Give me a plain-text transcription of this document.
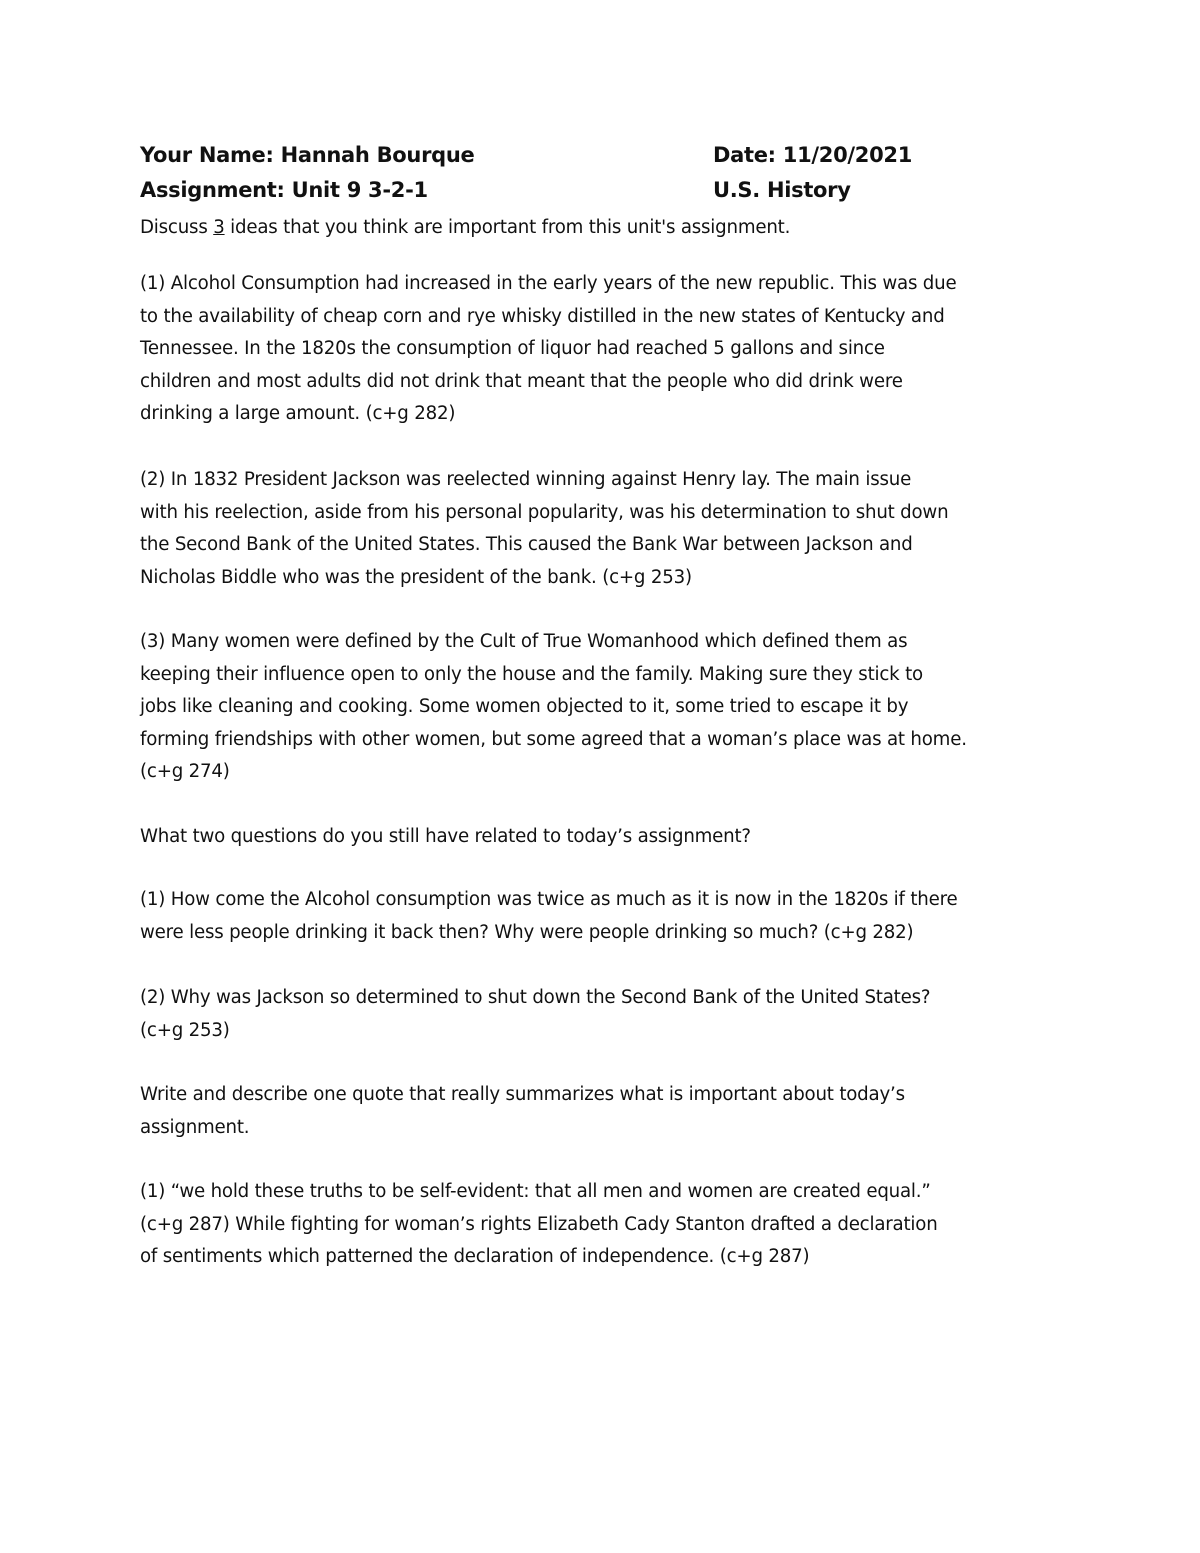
Your Name: Hannah Bourque	Date: 11/20/2021
Assignment: Unit 9 3-2-1	U.S. History
Discuss 3 ideas that you think are important from this unit's assignment.
(1) Alcohol Consumption had increased in the early years of the new republic. This was due
to the availability of cheap corn and rye whisky distilled in the new states of Kentucky and
Tennessee. In the 1820s the consumption of liquor had reached 5 gallons and since
children and most adults did not drink that meant that the people who did drink were
drinking a large amount. (c+g 282)
(2) In 1832 President Jackson was reelected winning against Henry lay. The main issue
with his reelection, aside from his personal popularity, was his determination to shut down
the Second Bank of the United States. This caused the Bank War between Jackson and
Nicholas Biddle who was the president of the bank. (c+g 253)
(3) Many women were defined by the Cult of True Womanhood which defined them as
keeping their influence open to only the house and the family. Making sure they stick to
jobs like cleaning and cooking. Some women objected to it, some tried to escape it by
forming friendships with other women, but some agreed that a woman’s place was at home.
(c+g 274)
What two questions do you still have related to today’s assignment?
(1) How come the Alcohol consumption was twice as much as it is now in the 1820s if there
were less people drinking it back then? Why were people drinking so much? (c+g 282)
(2) Why was Jackson so determined to shut down the Second Bank of the United States?
(c+g 253)
Write and describe one quote that really summarizes what is important about today’s
assignment.
(1) “we hold these truths to be self-evident: that all men and women are created equal.”
(c+g 287) While fighting for woman’s rights Elizabeth Cady Stanton drafted a declaration
of sentiments which patterned the declaration of independence. (c+g 287)
